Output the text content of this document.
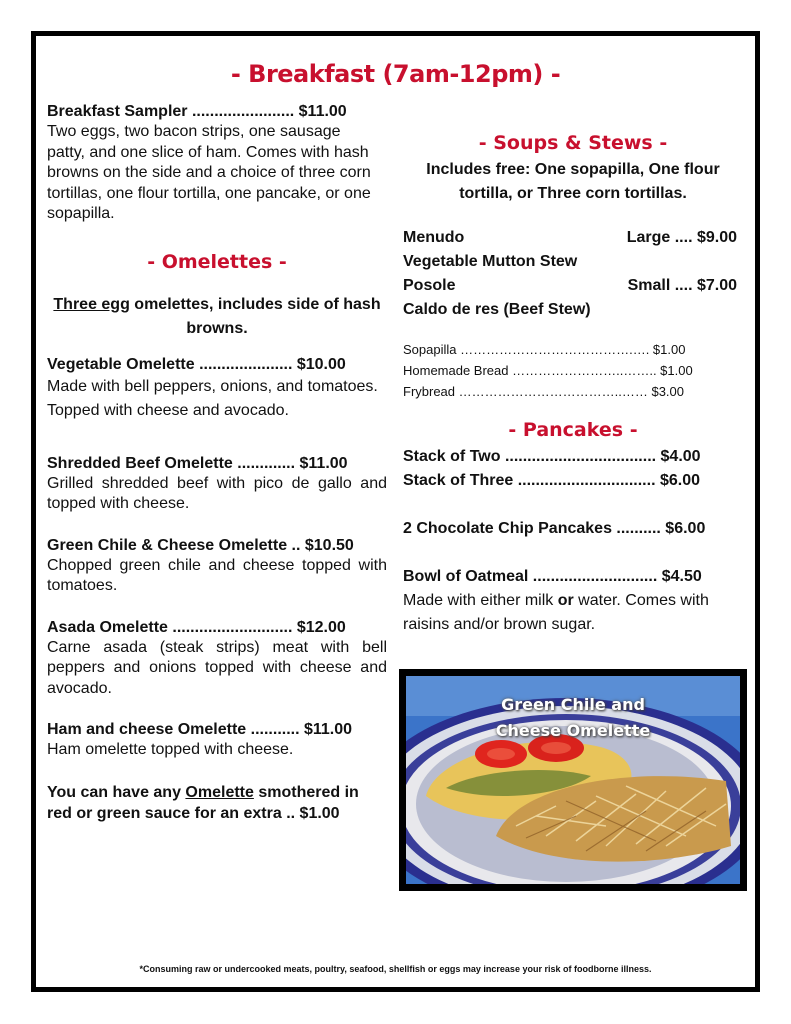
- Breakfast (7am-12pm) -
Breakfast Sampler ....................... $11.00
Two eggs, two bacon strips, one sausage patty, and one slice of ham. Comes with hash browns on the side and a choice of three corn tortillas, one flour tortilla, one pancake, or one sopapilla.
- Omelettes -
Three egg omelettes, includes side of hash browns.
Vegetable Omelette ..................... $10.00
Made with bell peppers, onions, and tomatoes. Topped with cheese and avocado.
Shredded Beef Omelette ............. $11.00
Grilled shredded beef with pico de gallo and topped with cheese.
Green Chile & Cheese Omelette .. $10.50
Chopped green chile and cheese topped with tomatoes.
Asada Omelette ........................... $12.00
Carne asada (steak strips) meat with bell peppers and onions topped with cheese and avocado.
Ham and cheese Omelette ........... $11.00
Ham omelette topped with cheese.
You can have any Omelette smothered in red or green sauce for an extra .. $1.00
- Soups & Stews -
Includes free: One sopapilla, One flour tortilla, or Three corn tortillas.
Menudo	Large .... $9.00
Vegetable Mutton Stew
Posole	Small .... $7.00
Caldo de res (Beef Stew)
Sopapilla ………………………………….…. $1.00
Homemade Bread ……………………..…….. $1.00
Frybread ………………………………..…… $3.00
- Pancakes -
Stack of Two .................................. $4.00
Stack of Three ............................... $6.00
2 Chocolate Chip Pancakes .......... $6.00
Bowl of Oatmeal ............................ $4.50
Made with either milk or water. Comes with raisins and/or brown sugar.
Green Chile and
Cheese Omelette
*Consuming raw or undercooked meats, poultry, seafood, shellfish or eggs may increase your risk of foodborne illness.
